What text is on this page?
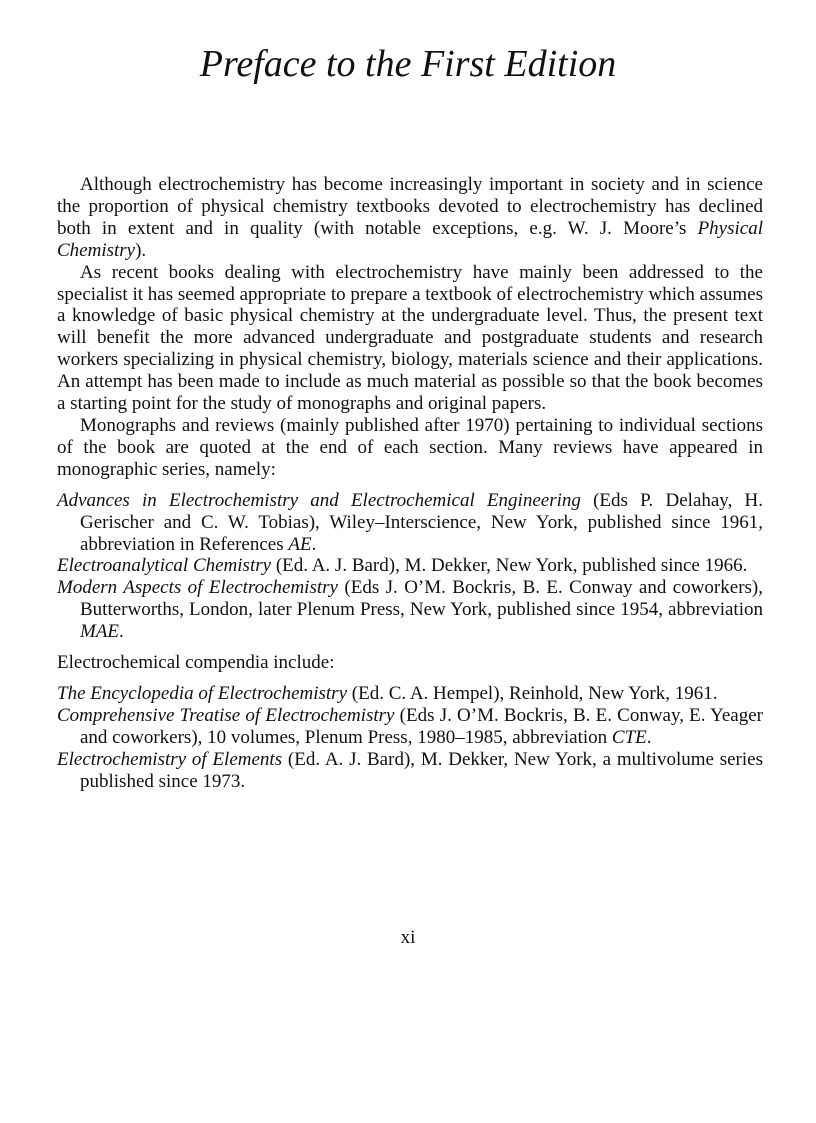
Preface to the First Edition

Although electrochemistry has become increasingly important in society and in science the proportion of physical chemistry textbooks devoted to electrochemistry has declined both in extent and in quality (with notable exceptions, e.g. W. J. Moore’s Physical Chemistry).

As recent books dealing with electrochemistry have mainly been addressed to the specialist it has seemed appropriate to prepare a textbook of electrochemistry which assumes a knowledge of basic physical chemistry at the undergraduate level. Thus, the present text will benefit the more advanced undergraduate and postgraduate students and research workers specializing in physical chemistry, biology, materials science and their applications. An attempt has been made to include as much material as possible so that the book becomes a starting point for the study of monographs and original papers.

Monographs and reviews (mainly published after 1970) pertaining to individual sections of the book are quoted at the end of each section. Many reviews have appeared in monographic series, namely:

Advances in Electrochemistry and Electrochemical Engineering (Eds P. Delahay, H. Gerischer and C. W. Tobias), Wiley–Interscience, New York, published since 1961, abbreviation in References AE.

Electroanalytical Chemistry (Ed. A. J. Bard), M. Dekker, New York, published since 1966.

Modern Aspects of Electrochemistry (Eds J. O’M. Bockris, B. E. Conway and coworkers), Butterworths, London, later Plenum Press, New York, published since 1954, abbreviation MAE.

Electrochemical compendia include:

The Encyclopedia of Electrochemistry (Ed. C. A. Hempel), Reinhold, New York, 1961.

Comprehensive Treatise of Electrochemistry (Eds J. O’M. Bockris, B. E. Conway, E. Yeager and coworkers), 10 volumes, Plenum Press, 1980–1985, abbreviation CTE.

Electrochemistry of Elements (Ed. A. J. Bard), M. Dekker, New York, a multivolume series published since 1973.

xi
